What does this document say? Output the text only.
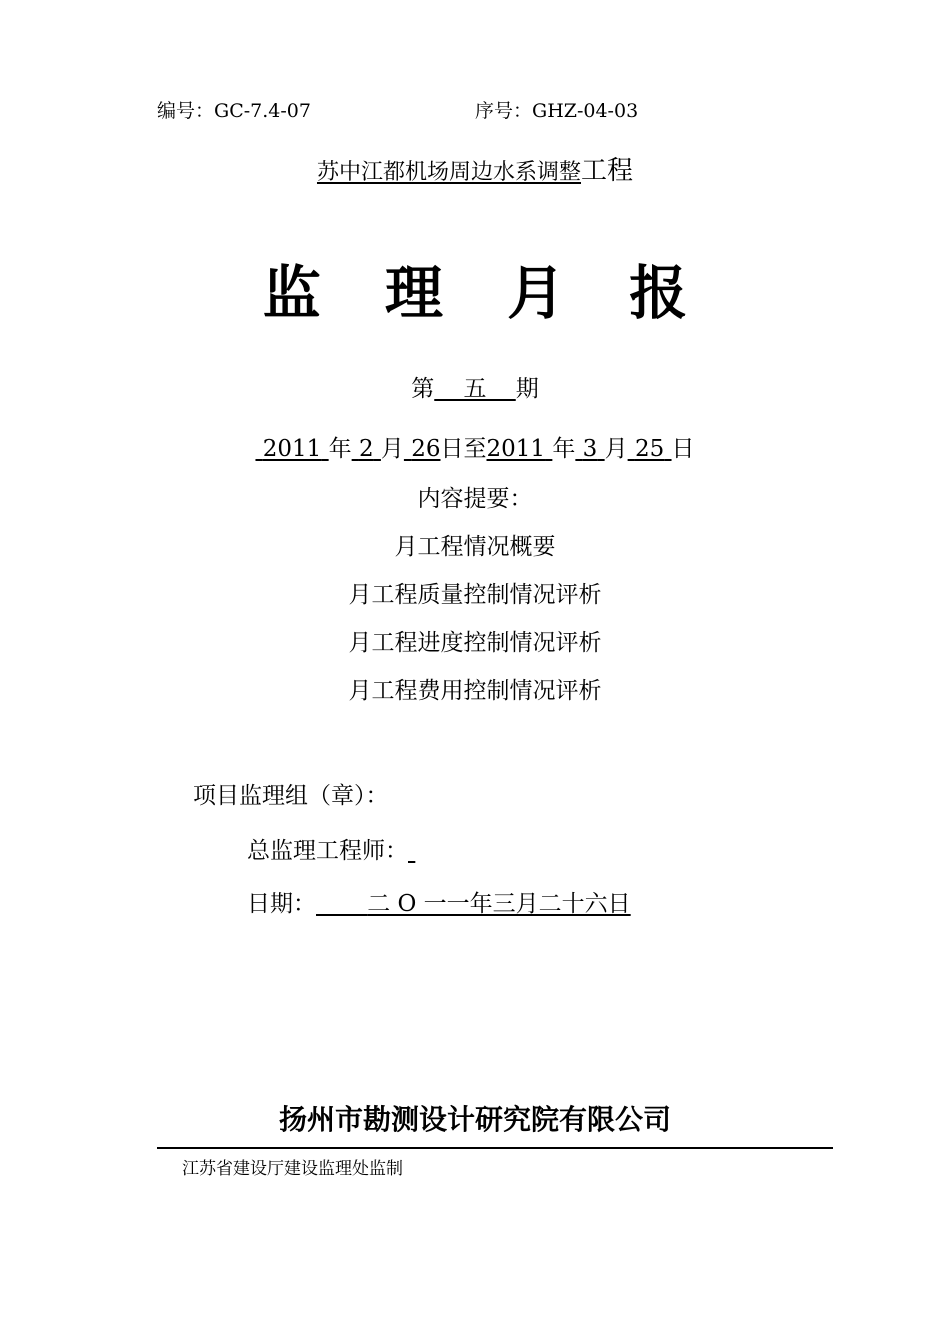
编号：GC-7.4-07	序号：GHZ-04-03
苏中江都机场周边水系调整工程
监 理 月 报
第 五 期
2011 年 2 月 26日至2011 年 3 月 25 日
内容提要：
月工程情况概要
月工程质量控制情况评析
月工程进度控制情况评析
月工程费用控制情况评析
项目监理组（章）：
总监理工程师：
日期： 二 O 一一年三月二十六日
扬州市勘测设计研究院有限公司
江苏省建设厅建设监理处监制
